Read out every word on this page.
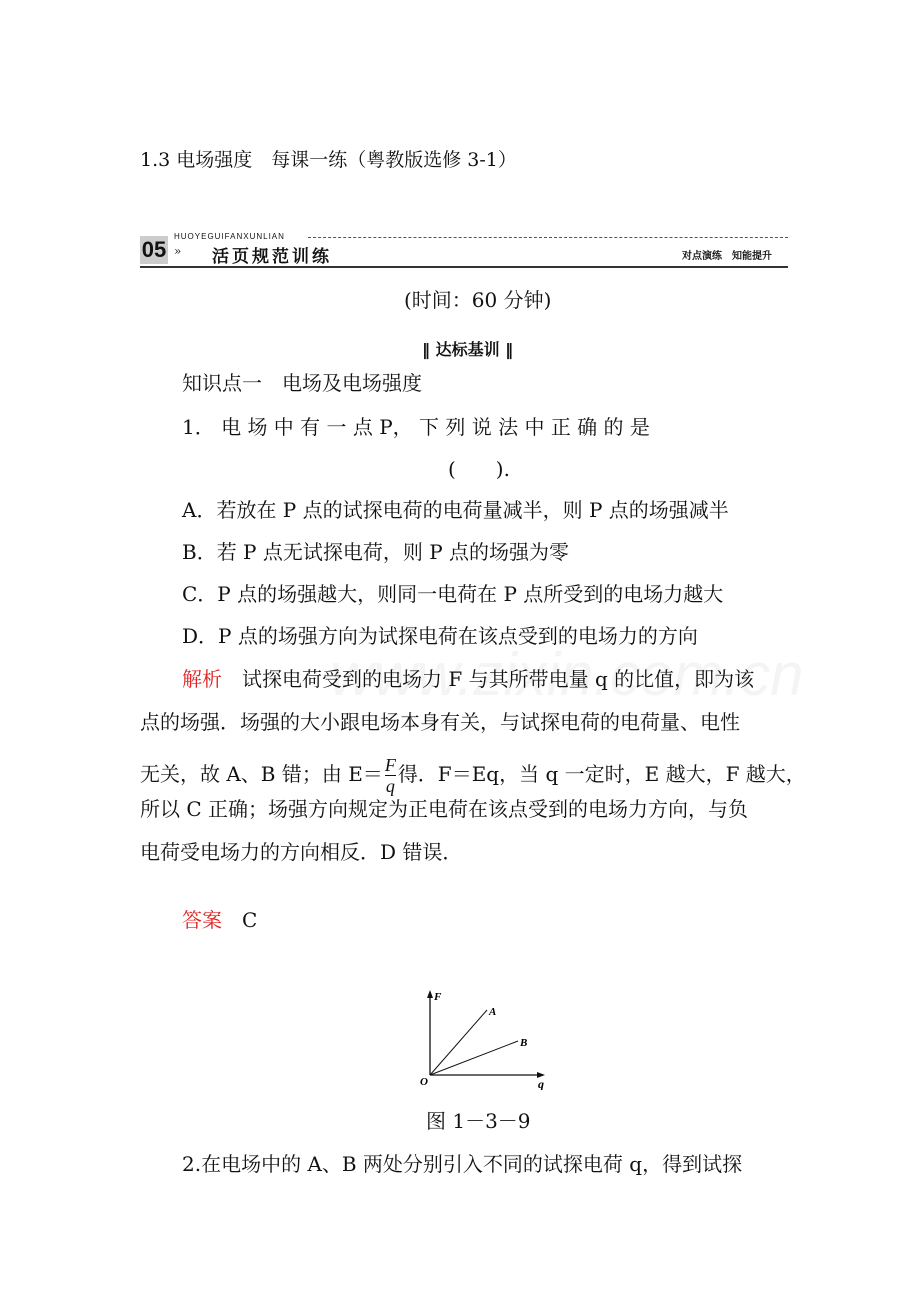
1.3 电场强度　每课一练（粤教版选修 3-1）
05
HUOYEGUIFANXUNLIAN
» 活页规范训练	对点演练　知能提升
(时间：60 分钟)
‖ 达标基训 ‖
知识点一　电场及电场强度
1． 电 场 中 有 一 点 P， 下 列 说 法 中 正 确 的 是
(　　).
A．若放在 P 点的试探电荷的电荷量减半，则 P 点的场强减半
B．若 P 点无试探电荷，则 P 点的场强为零
C．P 点的场强越大，则同一电荷在 P 点所受到的电场力越大
D．P 点的场强方向为试探电荷在该点受到的电场力的方向
解析　试探电荷受到的电场力 F 与其所带电量 q 的比值，即为该
点的场强．场强的大小跟电场本身有关，与试探电荷的电荷量、电性
无关，故 A、B 错；由 $E= \frac{F}{q}$ 得．F＝Eq，当 q 一定时，E 越大，F 越大，
所以 C 正确；场强方向规定为正电荷在该点受到的电场力方向，与负
电荷受电场力的方向相反．D 错误．
答案　 C
F
q
O
A
B
图 1－3－9
2.在电场中的 A、B 两处分别引入不同的试探电荷 q，得到试探
